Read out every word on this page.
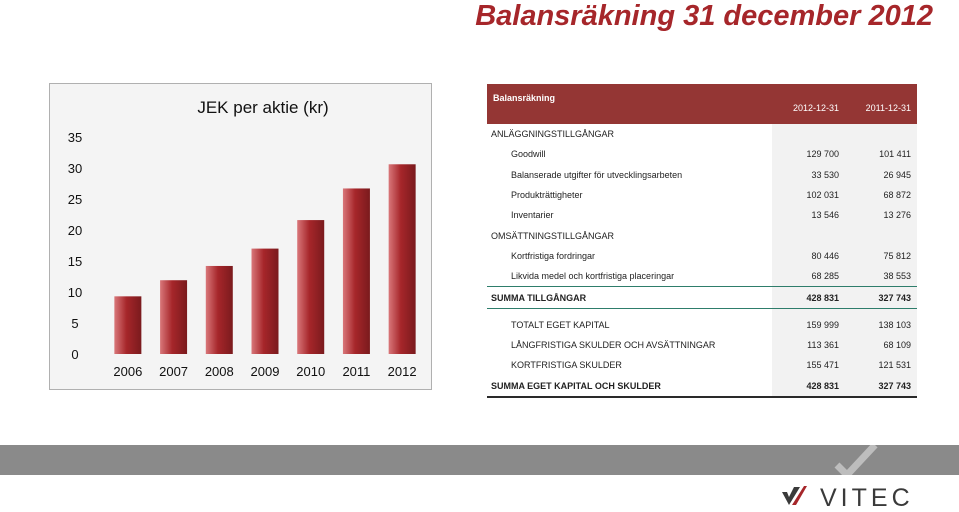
Balansräkning 31 december 2012
JEK per aktie (kr)
0
5
10
15
20
25
30
35
2006 2007 2008 2009 2010 2011 2012
Balansräkning	2012-12-31	2011-12-31
ANLÄGGNINGSTILLGÅNGAR		
Goodwill	129 700	101 411
Balanserade utgifter för utvecklingsarbeten	33 530	26 945
Produkträttigheter	102 031	68 872
Inventarier	13 546	13 276
OMSÄTTNINGSTILLGÅNGAR		
Kortfristiga fordringar	80 446	75 812
Likvida medel och kortfristiga placeringar	68 285	38 553
SUMMA TILLGÅNGAR	428 831	327 743

TOTALT EGET KAPITAL	159 999	138 103
LÅNGFRISTIGA SKULDER OCH AVSÄTTNINGAR	113 361	68 109
KORTFRISTIGA SKULDER	155 471	121 531
SUMMA EGET KAPITAL OCH SKULDER	428 831	327 743
VITEC
